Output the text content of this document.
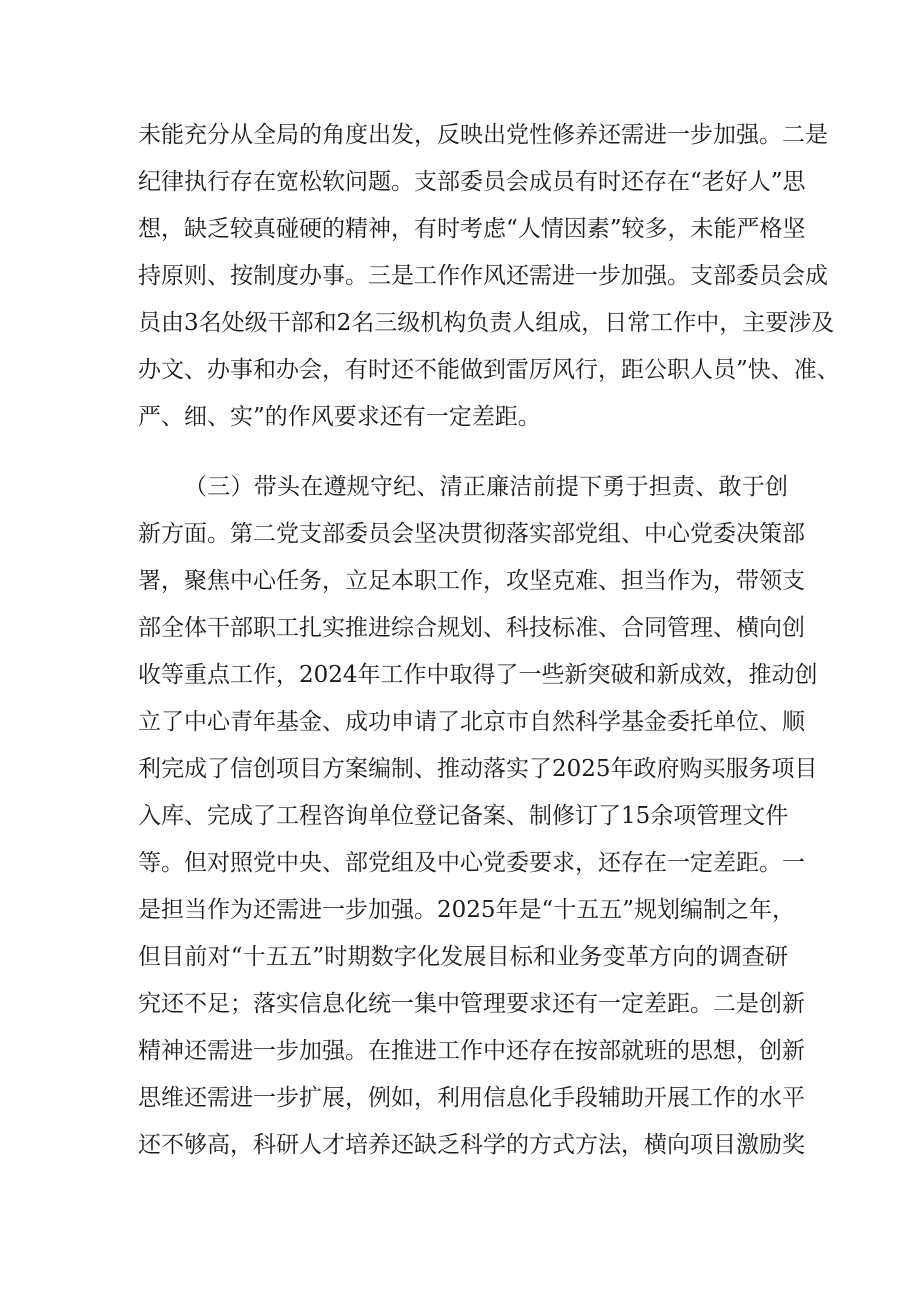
未能充分从全局的角度出发，反映出党性修养还需进一步加强。二是
纪律执行存在宽松软问题。支部委员会成员有时还存在“老好人”思
想，缺乏较真碰硬的精神，有时考虑“人情因素”较多，未能严格坚
持原则、按制度办事。三是工作作风还需进一步加强。支部委员会成
员由3名处级干部和2名三级机构负责人组成，日常工作中，主要涉及
办文、办事和办会，有时还不能做到雷厉风行，距公职人员”快、准、
严、细、实”的作风要求还有一定差距。
（三）带头在遵规守纪、清正廉洁前提下勇于担责、敢于创
新方面。第二党支部委员会坚决贯彻落实部党组、中心党委决策部
署，聚焦中心任务，立足本职工作，攻坚克难、担当作为，带领支
部全体干部职工扎实推进综合规划、科技标准、合同管理、横向创
收等重点工作，2024年工作中取得了一些新突破和新成效，推动创
立了中心青年基金、成功申请了北京市自然科学基金委托单位、顺
利完成了信创项目方案编制、推动落实了2025年政府购买服务项目
入库、完成了工程咨询单位登记备案、制修订了15余项管理文件
等。但对照党中央、部党组及中心党委要求，还存在一定差距。一
是担当作为还需进一步加强。2025年是“十五五”规划编制之年，
但目前对“十五五”时期数字化发展目标和业务变革方向的调查研
究还不足；落实信息化统一集中管理要求还有一定差距。二是创新
精神还需进一步加强。在推进工作中还存在按部就班的思想，创新
思维还需进一步扩展，例如，利用信息化手段辅助开展工作的水平
还不够高，科研人才培养还缺乏科学的方式方法，横向项目激励奖
